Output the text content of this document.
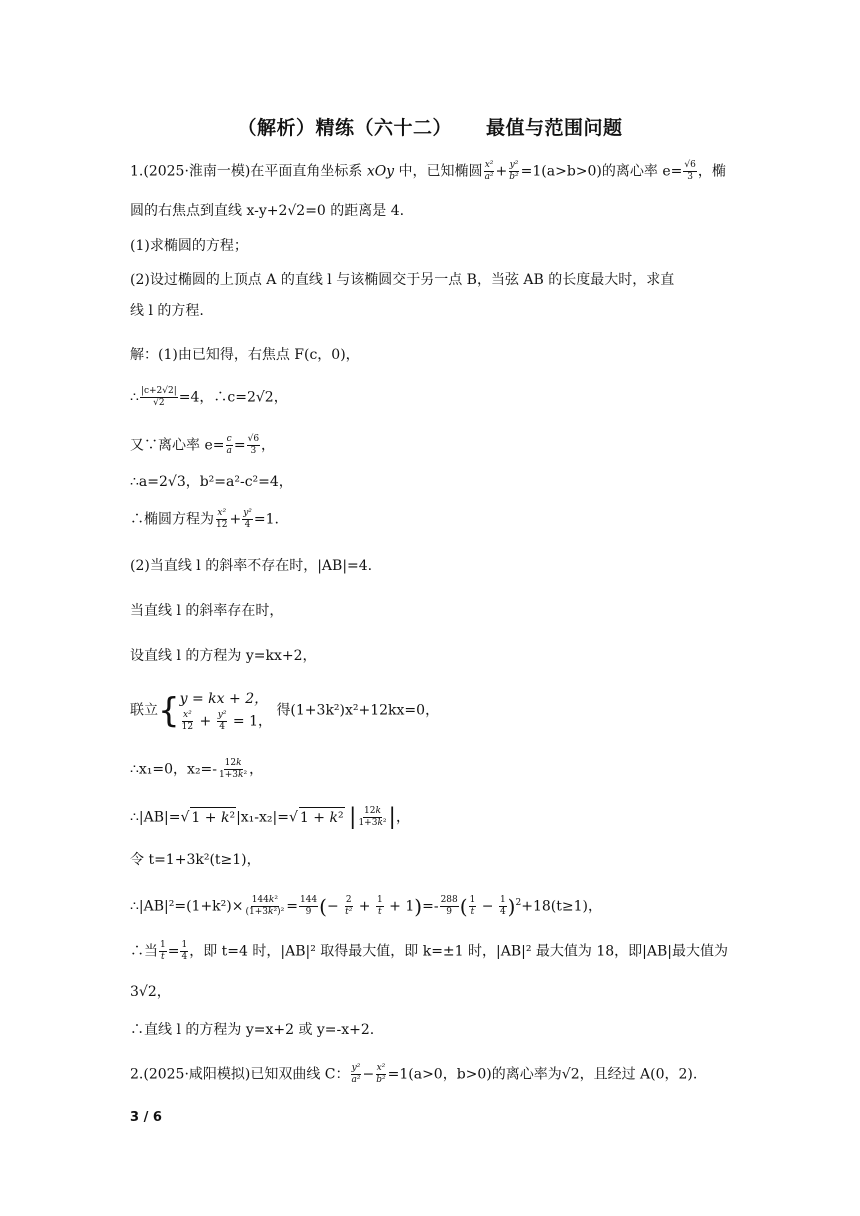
（解析）精练（六十二） 最值与范围问题
1.(2025·淮南一模)在平面直角坐标系 xOy 中，已知椭圆 $\frac{\text{x²}}{\text{a²}} + \frac{\text{y²}}{\text{b²}} =1(a>b>0)$的离心率 $e= \frac{√6}{3}$ ，椭
圆的右焦点到直线 x-y+2√2=0 的距离是 4.
(1)求椭圆的方程；
(2)设过椭圆的上顶点 A 的直线 l 与该椭圆交于另一点 B，当弦 AB 的长度最大时，求直
线 l 的方程.
解：(1)由已知得，右焦点 F(c，0)，
∴ $\frac{|c+2√2|}{√2} =4$，∴c=2√2，
又∵离心率 $e= \frac{c}{a} = \frac{√6}{3}$ ，
∴a=2√3，b²=a²-c²=4，
∴椭圆方程为 $\frac{\text{x²}}{12} + \frac{\text{y²}}{4} =1$.
(2)当直线 l 的斜率不存在时，|AB|=4.
当直线 l 的斜率存在时，
设直线 l 的方程为 y=kx+2，
联立 { y = kx + 2，
$\frac{\text{x²}}{12} + \frac{\text{y²}}{4} = 1$，
得(1+3k²)x²+12kx=0，
∴x₁=0，$x_2=- \frac{12k}{\text{1+3k²}}$ ，
∴|AB|=√ 1 + k²|x₁-x₂|=√ 1 + k² | $\frac{12k}{\text{1+3k²}}$ |，
令 t=1+3k²(t≥1)，
∴|AB|²=(1+k²)× $\frac{\text{144k²}}{\text{(1+3k²)²}} = \frac{144}{9}$ (− $\frac{2}{\text{t²}} + \frac{1}{t} + 1)=- \frac{288}{9}$ ( $\frac{1}{t} - \frac{1}{4} )^2+18(t\ge 1)$，
∴当 $\frac{1}{t} = \frac{1}{4}$ ，即 t=4 时，|AB|² 取得最大值，即 k=±1 时，|AB|² 最大值为 18，即|AB|最大值为
3√2，
∴直线 l 的方程为 y=x+2 或 y=-x+2.
2.(2025·咸阳模拟)已知双曲线 C： $\frac{\text{y²}}{\text{a²}} - \frac{\text{x²}}{\text{b²}} =1(a>0$，b>0)的离心率为√2，且经过 A(0，2).
3 / 6
